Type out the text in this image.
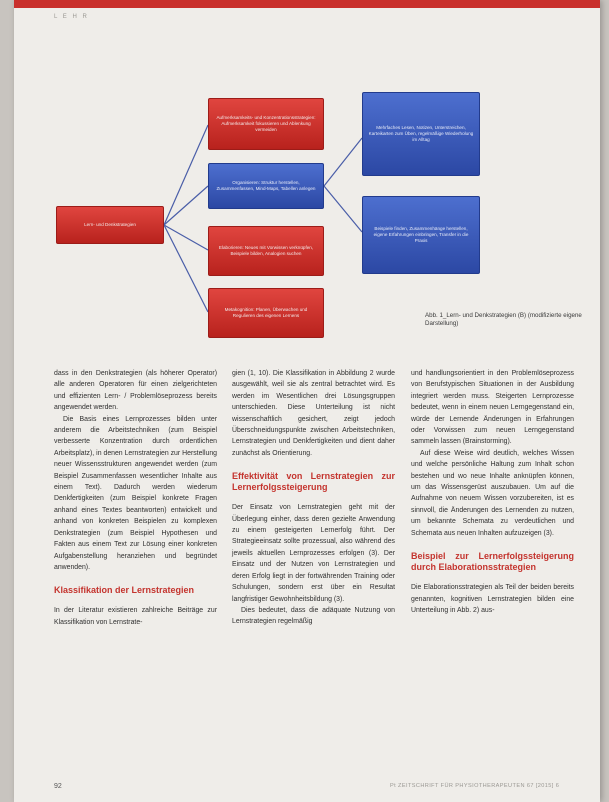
L E H R
Lern- und Denkstrategien
Aufmerksamkeits- und Konzentrationsstrategien: Aufmerksamkeit fokussieren und Ablenkung vermeiden
Organisieren: Struktur herstellen, Zusammenfassen, Mind-Maps, Tabellen anlegen
Elaborieren: Neues mit Vorwissen verknüpfen, Beispiele bilden, Analogien suchen
Metakognition: Planen, Überwachen und Regulieren des eigenen Lernens
Mehrfaches Lesen, Notizen, Unterstreichen, Karteikarten zum Üben, regelmäßige Wiederholung im Alltag
Beispiele finden, Zusammenhänge herstellen, eigene Erfahrungen einbringen, Transfer in die Praxis
Abb. 1_Lern- und Denkstrategien (B) (modifizierte eigene Darstellung)

dass in den Denkstrategien (als höherer Operator) alle anderen Operatoren für einen zielgerichteten und effizienten Lern- / Problemlöseprozess bereits angewendet werden.

Die Basis eines Lernprozesses bilden unter anderem die Arbeitstechniken (zum Beispiel verbesserte Konzentration durch ordentlichen Arbeitsplatz), in denen Lernstrategien zur Herstellung neuer Wissensstrukturen angewendet werden (zum Beispiel Zusammenfassen wesentlicher Inhalte aus einem Text). Dadurch werden wiederum Denkfertigkeiten (zum Beispiel konkrete Fragen anhand eines Textes beantworten) entwickelt und anhand von konkreten Beispielen zu komplexen Denkstrategien (zum Beispiel Hypothesen und Fakten aus einem Text zur Lösung einer konkreten Aufgabenstellung heranziehen und begründet anwenden).

Klassifikation der Lernstrategien

In der Literatur existieren zahlreiche Beiträge zur Klassifikation von Lernstrate-

gien (1, 10). Die Klassifikation in Abbildung 2 wurde ausgewählt, weil sie als zentral betrachtet wird. Es werden im Wesentlichen drei Lösungsgruppen unterschieden. Diese Unterteilung ist nicht wissenschaftlich gesichert, zeigt jedoch Überschneidungspunkte zwischen Arbeitstechniken, Lernstrategien und Denkfertigkeiten und dient daher zunächst als Orientierung.

Effektivität von Lernstrategien zur Lernerfolgssteigerung

Der Einsatz von Lernstrategien geht mit der Überlegung einher, dass deren gezielte Anwendung zu einem gesteigerten Lernerfolg führt. Der Strategieeinsatz sollte prozessual, also während des jeweils aktuellen Lernprozesses erfolgen (3). Der Einsatz und der Nutzen von Lernstrategien und deren Erfolg liegt in der fortwährenden Training oder Schulungen, sondern erst über ein Resultat langfristiger Gewohnheitsbildung (3).

Dies bedeutet, dass die adäquate Nutzung von Lernstrategien regelmäßig

und handlungsorientiert in den Problemlöseprozess von Berufstypischen Situationen in der Ausbildung integriert werden muss. Steigerten Lernprozesse bedeutet, wenn in einem neuen Lerngegenstand ein, würde der Lernende Änderungen in Erfahrungen oder Vorwissen zum neuen Lerngegenstand sammeln lassen (Brainstorming).

Auf diese Weise wird deutlich, welches Wissen und welche persönliche Haltung zum Inhalt schon bestehen und wo neue Inhalte anknüpfen können, um das Wissensgerüst auszubauen. Um auf die Aufnahme von neuem Wissen vorzubereiten, ist es sinnvoll, die Änderungen des Lernenden zu nutzen, um bekannte Schemata zu verdeutlichen und Schemata aus neuen Inhalten aufzuzeigen (3).

Beispiel zur Lernerfolgssteigerung durch Elaborationsstrategien

Die Elaborationsstrategien als Teil der beiden bereits genannten, kognitiven Lernstrategien bilden eine Unterteilung in Abb. 2) aus-

92	Pt ZEITSCHRIFT FÜR PHYSIOTHERAPEUTEN 67 [2015] 6
